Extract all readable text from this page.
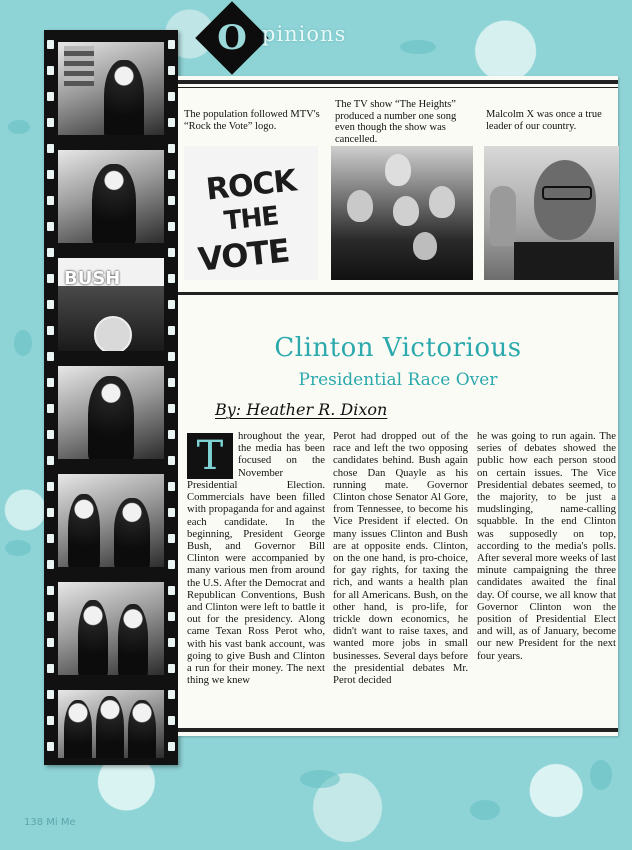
BUSH
O pinions

The population followed MTV's “Rock the Vote” logo.

The TV show “The Heights” produced a number one song even though the show was cancelled.

Malcolm X was once a true leader of our country.

ROCK
THE
VOTE
Clinton Victorious
Presidential Race Over

By: Heather R. Dixon

T	hroughout the year, the media has been focused on the November

Presidential Election. Commercials have been filled with propaganda for and against each candidate. In the beginning, President George Bush, and Governor Bill Clinton were accompanied by many various men from around the U.S. After the Democrat and Republican Conventions, Bush and Clinton were left to battle it out for the presidency. Along came Texan Ross Perot who, with his vast bank account, was going to give Bush and Clinton a run for their money. The next thing we knew

Perot had dropped out of the race and left the two opposing candidates behind. Bush again chose Dan Quayle as his running mate. Governor Clinton chose Senator Al Gore, from Tennessee, to become his Vice President if elected. On many issues Clinton and Bush are at opposite ends. Clinton, on the one hand, is pro-choice, for gay rights, for taxing the rich, and wants a health plan for all Americans. Bush, on the other hand, is pro-life, for trickle down economics, he didn't want to raise taxes, and wanted more jobs in small businesses. Several days before the presidential debates Mr. Perot decided

he was going to run again. The series of debates showed the public how each person stood on certain issues. The Vice Presidential debates seemed, to the majority, to be just a mudslinging, name-calling squabble. In the end Clinton was supposedly on top, according to the media's polls. After several more weeks of last minute campaigning the three candidates awaited the final day. Of course, we all know that Governor Clinton won the position of Presidential Elect and will, as of January, become our new President for the next four years.

138 Mi Me
